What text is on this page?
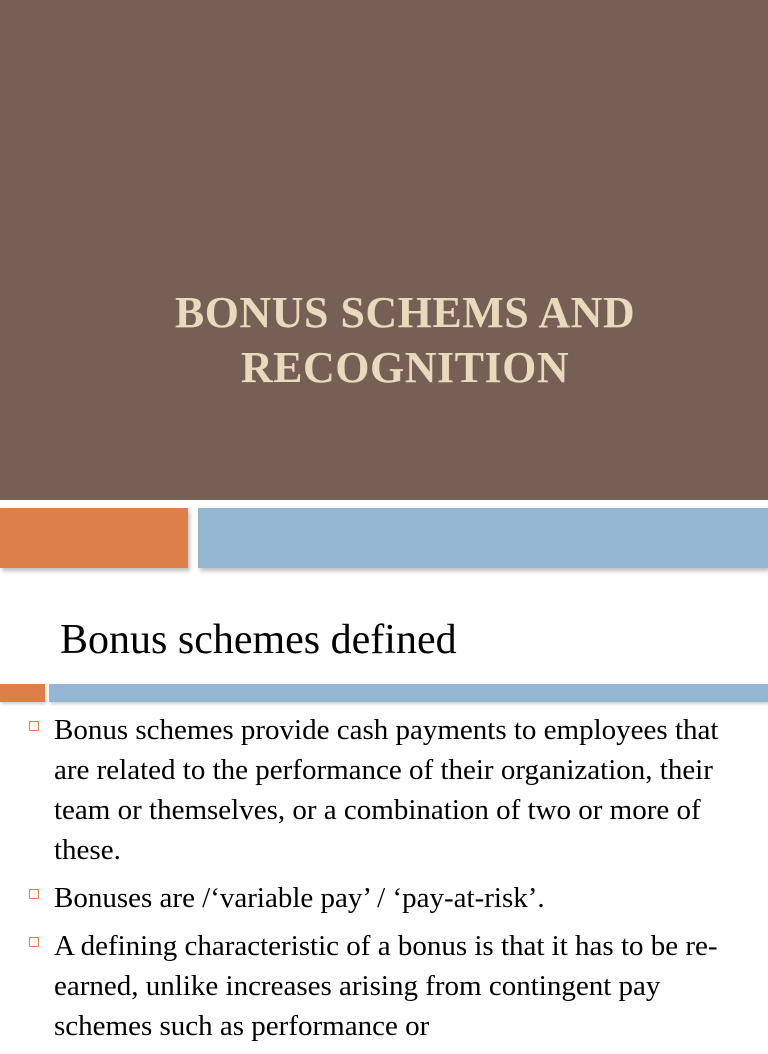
BONUS SCHEMS AND
RECOGNITION
Bonus schemes defined
Bonus schemes provide cash payments to employees that are related to the performance of their organization, their team or themselves, or a combination of two or more of these.
Bonuses are /‘variable pay’ / ‘pay-at-risk’.
A defining characteristic of a bonus is that it has to be re-earned, unlike increases arising from contingent pay schemes such as performance or
